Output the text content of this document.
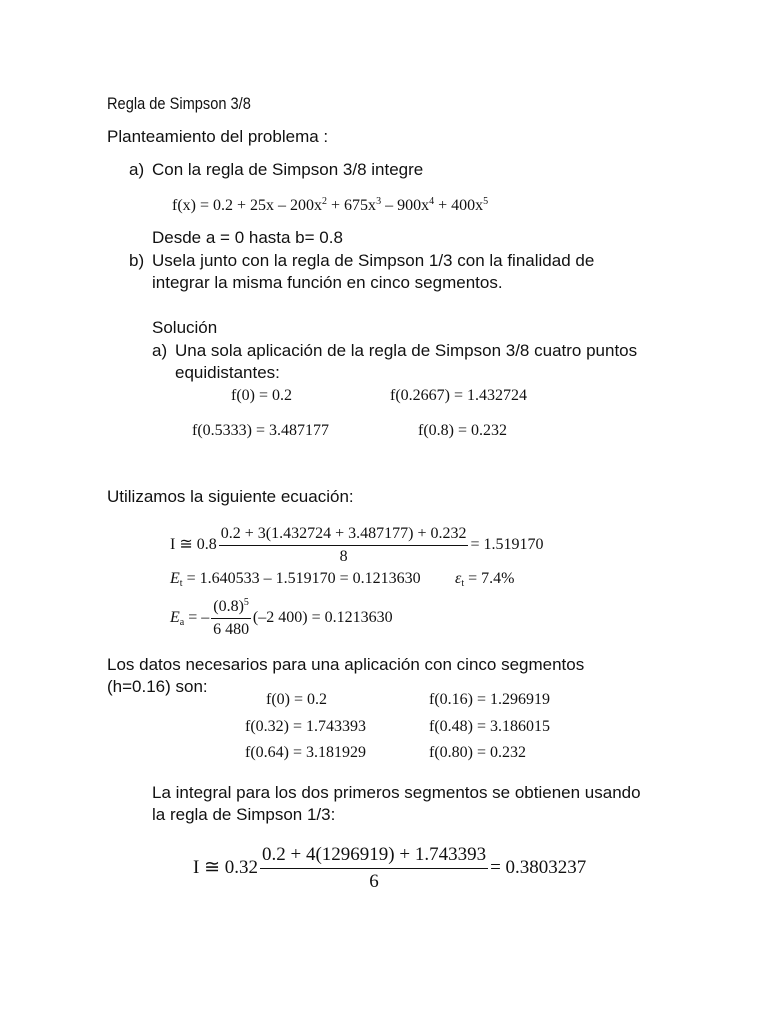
Regla de Simpson 3/8
Planteamiento del problema :
a) Con la regla de Simpson 3/8 integre
$f(x) = 0.2 + 25x - 200x^2 + 675x^3 - 900x^4 + 400x^5$
Desde a = 0 hasta b= 0.8
b) Usela junto con la regla de Simpson 1/3 con la finalidad de
integrar la misma función en cinco segmentos.
Solución
a) Una sola aplicación de la regla de Simpson 3/8 cuatro puntos
equidistantes:
f(0) = 0.2	f(0.2667) = 1.432724
f(0.5333) = 3.487177	f(0.8) = 0.232
Utilizamos la siguiente ecuación:
I ≅ $0.8 \frac{0.2 + 3(1.432724 + 3.487177) + 0.232}{8} = 1.519170$
$E_t = 1.640533 - 1.519170 = 0.1213630$ $\varepsilon_t = 7.4\%$
$E_a$ = – $\frac{(0.8)^5}{6 480} (-2$ 400) = 0.1213630
Los datos necesarios para una aplicación con cinco segmentos
(h=0.16) son:
f(0) = 0.2	f(0.16) = 1.296919
f(0.32) = 1.743393	f(0.48) = 3.186015
f(0.64) = 3.181929	f(0.80) = 0.232
La integral para los dos primeros segmentos se obtienen usando
la regla de Simpson 1/3:
I ≅ $0.32 \frac{0.2 + 4(1296919) + 1.743393}{6} = 0.3803237$
